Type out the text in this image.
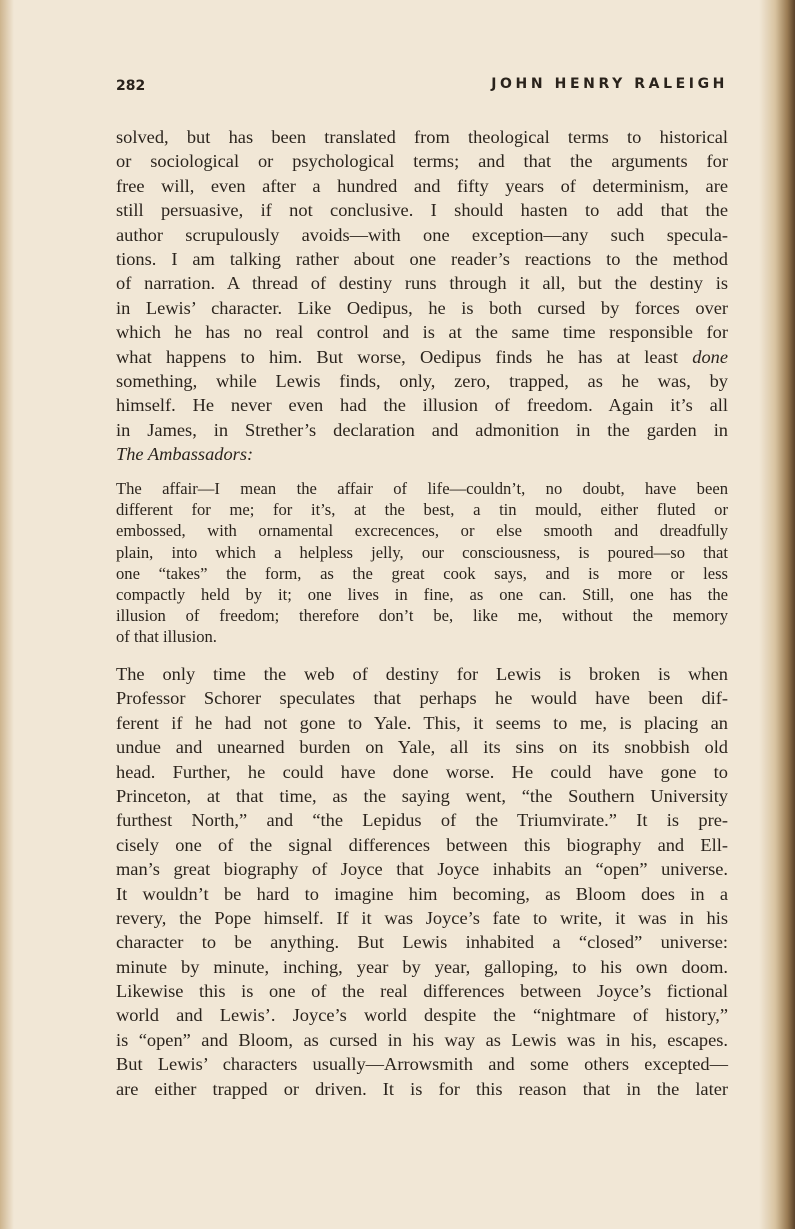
282	JOHN HENRY RALEIGH
solved, but has been translated from theological terms to historical
or sociological or psychological terms; and that the arguments for
free will, even after a hundred and fifty years of determinism, are
still persuasive, if not conclusive. I should hasten to add that the
author scrupulously avoids—with one exception—any such specula-
tions. I am talking rather about one reader’s reactions to the method
of narration. A thread of destiny runs through it all, but the destiny is
in Lewis’ character. Like Oedipus, he is both cursed by forces over
which he has no real control and is at the same time responsible for
what happens to him. But worse, Oedipus finds he has at least done
something, while Lewis finds, only, zero, trapped, as he was, by
himself. He never even had the illusion of freedom. Again it’s all
in James, in Strether’s declaration and admonition in the garden in
The Ambassadors:
The affair—I mean the affair of life—couldn’t, no doubt, have been
different for me; for it’s, at the best, a tin mould, either fluted or
embossed, with ornamental excrecences, or else smooth and dreadfully
plain, into which a helpless jelly, our consciousness, is poured—so that
one “takes” the form, as the great cook says, and is more or less
compactly held by it; one lives in fine, as one can. Still, one has the
illusion of freedom; therefore don’t be, like me, without the memory
of that illusion.
The only time the web of destiny for Lewis is broken is when
Professor Schorer speculates that perhaps he would have been dif-
ferent if he had not gone to Yale. This, it seems to me, is placing an
undue and unearned burden on Yale, all its sins on its snobbish old
head. Further, he could have done worse. He could have gone to
Princeton, at that time, as the saying went, “the Southern University
furthest North,” and “the Lepidus of the Triumvirate.” It is pre-
cisely one of the signal differences between this biography and Ell-
man’s great biography of Joyce that Joyce inhabits an “open” universe.
It wouldn’t be hard to imagine him becoming, as Bloom does in a
revery, the Pope himself. If it was Joyce’s fate to write, it was in his
character to be anything. But Lewis inhabited a “closed” universe:
minute by minute, inching, year by year, galloping, to his own doom.
Likewise this is one of the real differences between Joyce’s fictional
world and Lewis’. Joyce’s world despite the “nightmare of history,”
is “open” and Bloom, as cursed in his way as Lewis was in his, escapes.
But Lewis’ characters usually—Arrowsmith and some others excepted—
are either trapped or driven. It is for this reason that in the later
